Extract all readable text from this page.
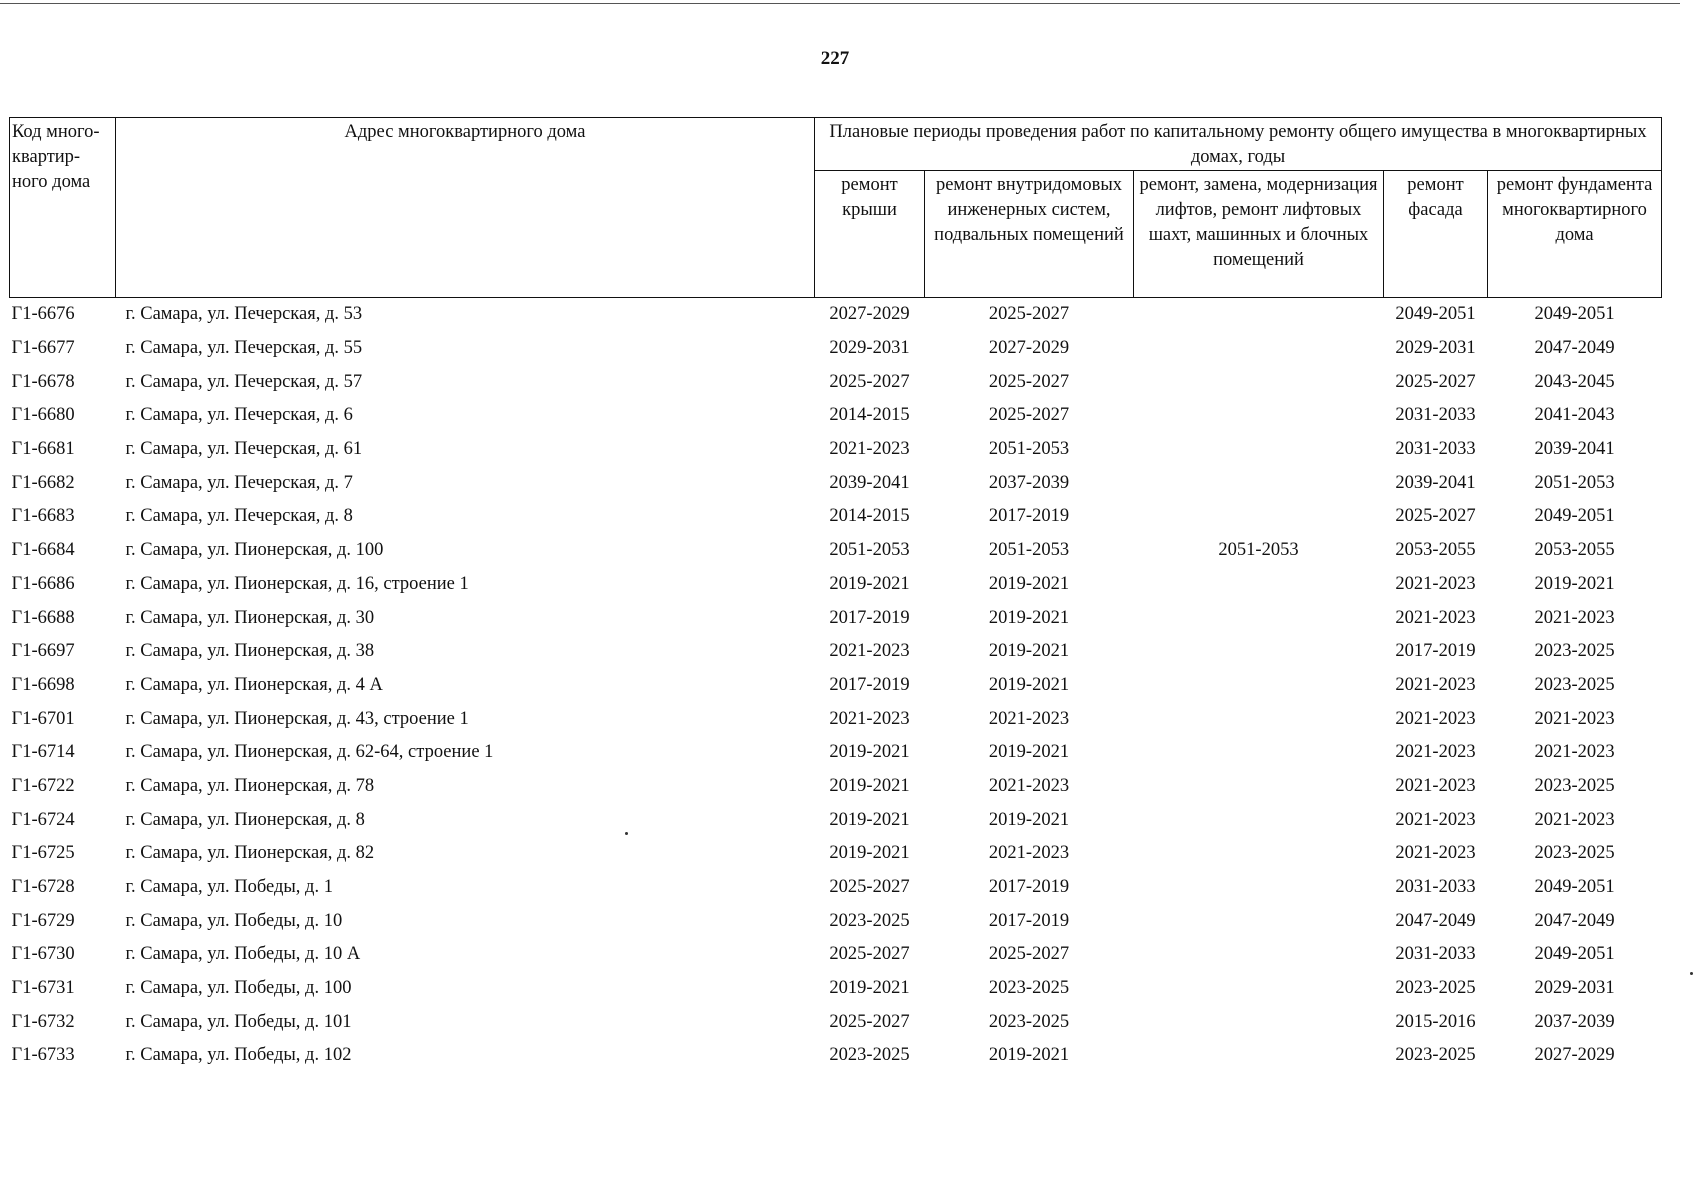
227
Код много-квартир-ного дома	Адрес многоквартирного дома	Плановые периоды проведения работ по капитальному ремонту общего имущества в многоквартирных домах, годы				
		ремонт крыши	ремонт внутридомовых инженерных систем, подвальных помещений	ремонт, замена, модернизация лифтов, ремонт лифтовых шахт, машинных и блочных помещений	ремонт фасада	ремонт фундамента многоквартирного дома
Г1-6676	г. Самара, ул. Печерская, д. 53	2027-2029	2025-2027		2049-2051	2049-2051
Г1-6677	г. Самара, ул. Печерская, д. 55	2029-2031	2027-2029		2029-2031	2047-2049
Г1-6678	г. Самара, ул. Печерская, д. 57	2025-2027	2025-2027		2025-2027	2043-2045
Г1-6680	г. Самара, ул. Печерская, д. 6	2014-2015	2025-2027		2031-2033	2041-2043
Г1-6681	г. Самара, ул. Печерская, д. 61	2021-2023	2051-2053		2031-2033	2039-2041
Г1-6682	г. Самара, ул. Печерская, д. 7	2039-2041	2037-2039		2039-2041	2051-2053
Г1-6683	г. Самара, ул. Печерская, д. 8	2014-2015	2017-2019		2025-2027	2049-2051
Г1-6684	г. Самара, ул. Пионерская, д. 100	2051-2053	2051-2053	2051-2053	2053-2055	2053-2055
Г1-6686	г. Самара, ул. Пионерская, д. 16, строение 1	2019-2021	2019-2021		2021-2023	2019-2021
Г1-6688	г. Самара, ул. Пионерская, д. 30	2017-2019	2019-2021		2021-2023	2021-2023
Г1-6697	г. Самара, ул. Пионерская, д. 38	2021-2023	2019-2021		2017-2019	2023-2025
Г1-6698	г. Самара, ул. Пионерская, д. 4 А	2017-2019	2019-2021		2021-2023	2023-2025
Г1-6701	г. Самара, ул. Пионерская, д. 43, строение 1	2021-2023	2021-2023		2021-2023	2021-2023
Г1-6714	г. Самара, ул. Пионерская, д. 62-64, строение 1	2019-2021	2019-2021		2021-2023	2021-2023
Г1-6722	г. Самара, ул. Пионерская, д. 78	2019-2021	2021-2023		2021-2023	2023-2025
Г1-6724	г. Самара, ул. Пионерская, д. 8	2019-2021	2019-2021		2021-2023	2021-2023
Г1-6725	г. Самара, ул. Пионерская, д. 82	2019-2021	2021-2023		2021-2023	2023-2025
Г1-6728	г. Самара, ул. Победы, д. 1	2025-2027	2017-2019		2031-2033	2049-2051
Г1-6729	г. Самара, ул. Победы, д. 10	2023-2025	2017-2019		2047-2049	2047-2049
Г1-6730	г. Самара, ул. Победы, д. 10 А	2025-2027	2025-2027		2031-2033	2049-2051
Г1-6731	г. Самара, ул. Победы, д. 100	2019-2021	2023-2025		2023-2025	2029-2031
Г1-6732	г. Самара, ул. Победы, д. 101	2025-2027	2023-2025		2015-2016	2037-2039
Г1-6733	г. Самара, ул. Победы, д. 102	2023-2025	2019-2021		2023-2025	2027-2029
